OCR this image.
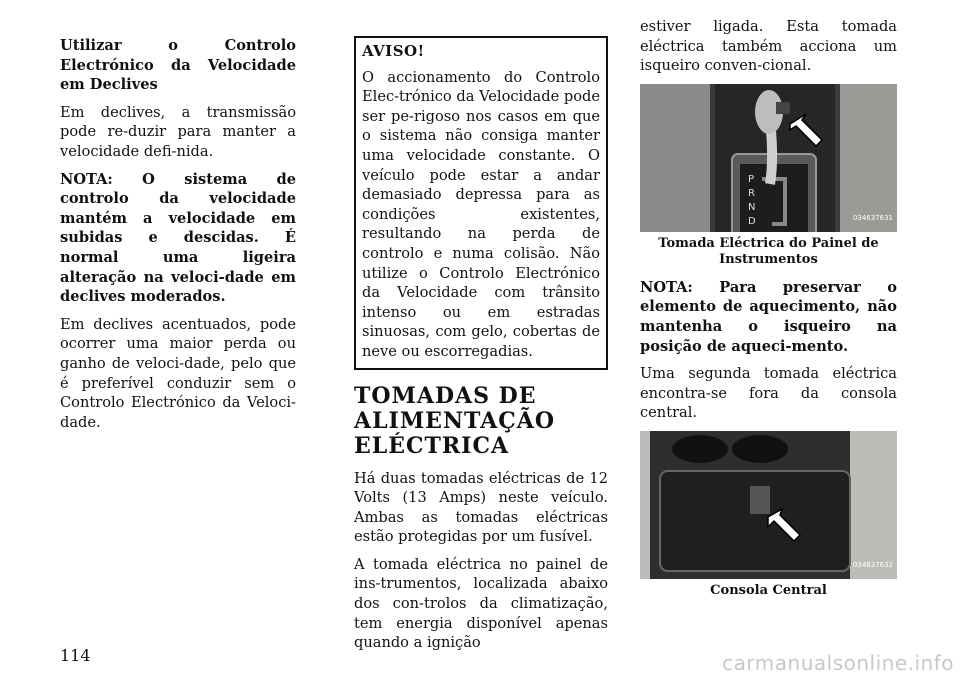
Utilizar o Controlo Electrónico da Velocidade em Declives

Em declives, a transmissão pode re-duzir para manter a velocidade defi-nida.

NOTA: O sistema de controlo da velocidade mantém a velocidade em subidas e descidas. É normal uma ligeira alteração na veloci-dade em declives moderados.

Em declives acentuados, pode ocorrer uma maior perda ou ganho de veloci-dade, pelo que é preferível conduzir sem o Controlo Electrónico da Veloci-dade.

AVISO!

O accionamento do Controlo Elec-trónico da Velocidade pode ser pe-rigoso nos casos em que o sistema não consiga manter uma velocidade constante. O veículo pode estar a andar demasiado depressa para as condições existentes, resultando na perda de controlo e numa colisão. Não utilize o Controlo Electrónico da Velocidade com trânsito intenso ou em estradas sinuosas, com gelo, cobertas de neve ou escorregadias.

TOMADAS DE ALIMENTAÇÃO ELÉCTRICA

Há duas tomadas eléctricas de 12 Volts (13 Amps) neste veículo. Ambas as tomadas eléctricas estão protegidas por um fusível.

A tomada eléctrica no painel de ins-trumentos, localizada abaixo dos con-trolos da climatização, tem energia disponível apenas quando a ignição

estiver ligada. Esta tomada eléctrica também acciona um isqueiro conven-cional.

P
R
N
D	034637631
Tomada Eléctrica do Painel de Instrumentos

NOTA: Para preservar o elemento de aquecimento, não mantenha o isqueiro na posição de aqueci-mento.

Uma segunda tomada eléctrica encontra-se fora da consola central.

034637632
Consola Central
114	carmanualsonline.info
